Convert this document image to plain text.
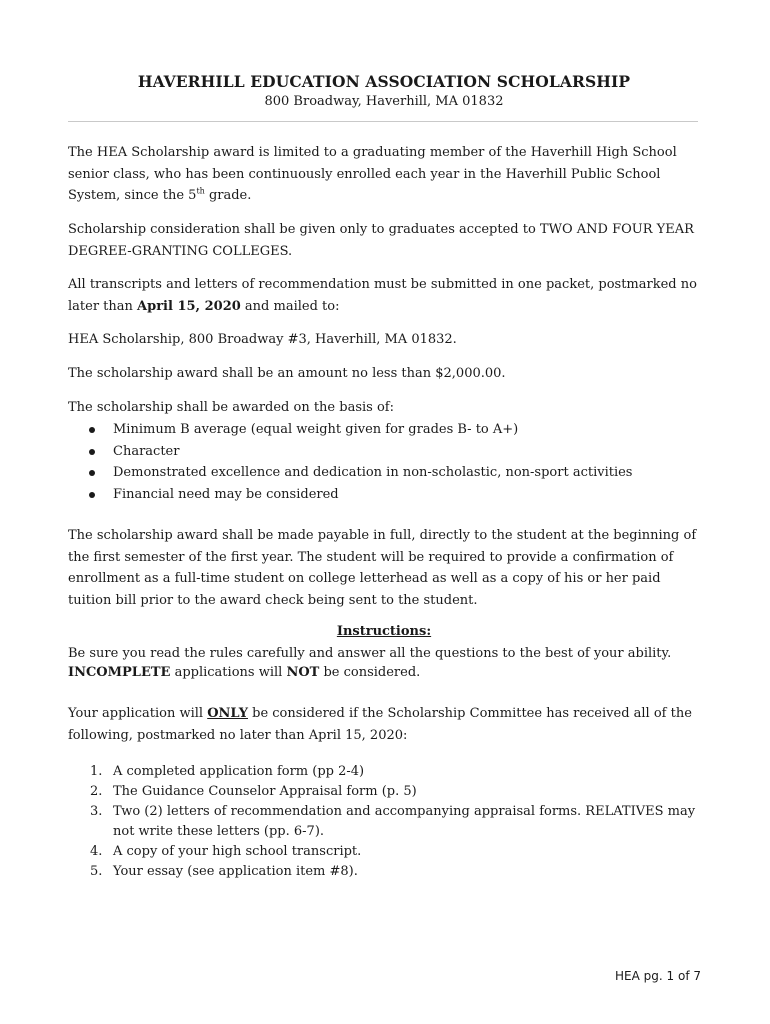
HAVERHILL EDUCATION ASSOCIATION SCHOLARSHIP
800 Broadway, Haverhill, MA 01832

The HEA Scholarship award is limited to a graduating member of the Haverhill High School senior class, who has been continuously enrolled each year in the Haverhill Public School System, since the 5th grade.

Scholarship consideration shall be given only to graduates accepted to TWO AND FOUR YEAR DEGREE-GRANTING COLLEGES.

All transcripts and letters of recommendation must be submitted in one packet, postmarked no later than April 15, 2020 and mailed to:

HEA Scholarship, 800 Broadway #3, Haverhill, MA 01832.

The scholarship award shall be an amount no less than $2,000.00.

The scholarship shall be awarded on the basis of:

Minimum B average (equal weight given for grades B- to A+)
Character
Demonstrated excellence and dedication in non-scholastic, non-sport activities
Financial need may be considered

The scholarship award shall be made payable in full, directly to the student at the beginning of the first semester of the first year. The student will be required to provide a confirmation of enrollment as a full-time student on college letterhead as well as a copy of his or her paid tuition bill prior to the award check being sent to the student.

Instructions:

Be sure you read the rules carefully and answer all the questions to the best of your ability.
INCOMPLETE applications will NOT be considered.

Your application will ONLY be considered if the Scholarship Committee has received all of the following, postmarked no later than April 15, 2020:

1. A completed application form (pp 2-4)
2. The Guidance Counselor Appraisal form (p. 5)
3. Two (2) letters of recommendation and accompanying appraisal forms. RELATIVES may not write these letters (pp. 6-7).
4. A copy of your high school transcript.
5. Your essay (see application item #8).
HEA pg. 1 of 7
